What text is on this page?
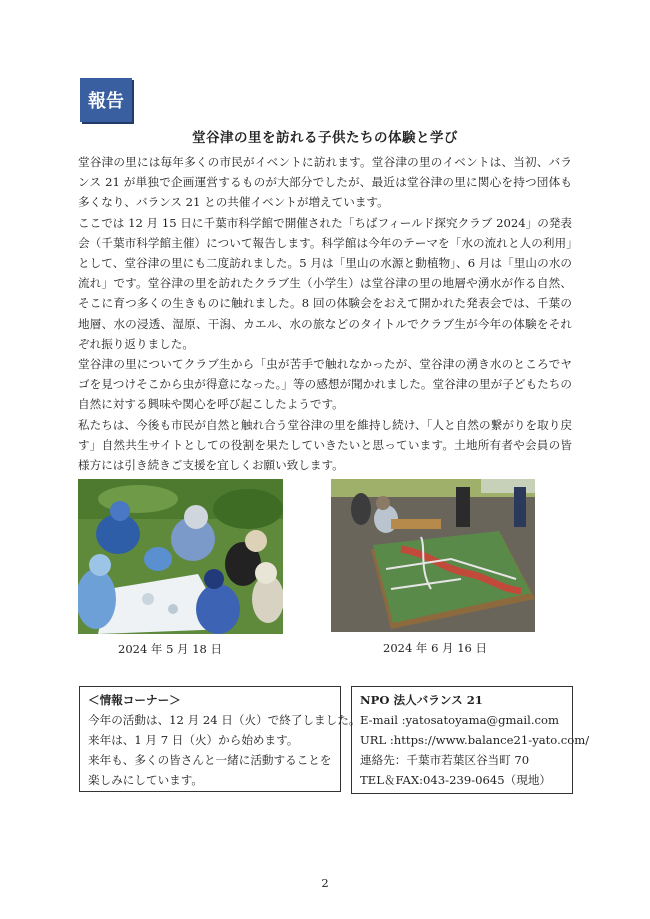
報告
堂谷津の里を訪れる子供たちの体験と学び

堂谷津の里には毎年多くの市民がイベントに訪れます。堂谷津の里のイベントは、当初、バランス 21 が単独で企画運営するものが大部分でしたが、最近は堂谷津の里に関心を持つ団体も多くなり、バランス 21 との共催イベントが増えています。

ここでは 12 月 15 日に千葉市科学館で開催された「ちばフィールド探究クラブ 2024」の発表会（千葉市科学館主催）について報告します。科学館は今年のテーマを「水の流れと人の利用」として、堂谷津の里にも二度訪れました。5 月は「里山の水源と動植物」、6 月は「里山の水の流れ」です。堂谷津の里を訪れたクラブ生（小学生）は堂谷津の里の地層や湧水が作る自然、そこに育つ多くの生きものに触れました。8 回の体験会をおえて開かれた発表会では、千葉の地層、水の浸透、湿原、干潟、カエル、水の旅などのタイトルでクラブ生が今年の体験をそれぞれ振り返りました。

堂谷津の里についてクラブ生から「虫が苦手で触れなかったが、堂谷津の湧き水のところでヤゴを見つけそこから虫が得意になった。」等の感想が聞かれました。堂谷津の里が子どもたちの自然に対する興味や関心を呼び起こしたようです。

私たちは、今後も市民が自然と触れ合う堂谷津の里を維持し続け、「人と自然の繋がりを取り戻す」自然共生サイトとしての役割を果たしていきたいと思っています。土地所有者や会員の皆様方には引き続きご支援を宜しくお願い致します。

2024 年 5 月 18 日	2024 年 6 月 16 日
＜情報コーナー＞
今年の活動は、12 月 24 日（火）で終了しました。
来年は、1 月 7 日（火）から始めます。
来年も、多くの皆さんと一緒に活動することを
楽しみにしています。
NPO 法人バランス 21
E-mail :yatosatoyama@gmail.com
URL :https://www.balance21-yato.com/
連絡先：千葉市若葉区谷当町 70
TEL＆FAX:043-239-0645（現地）
2
